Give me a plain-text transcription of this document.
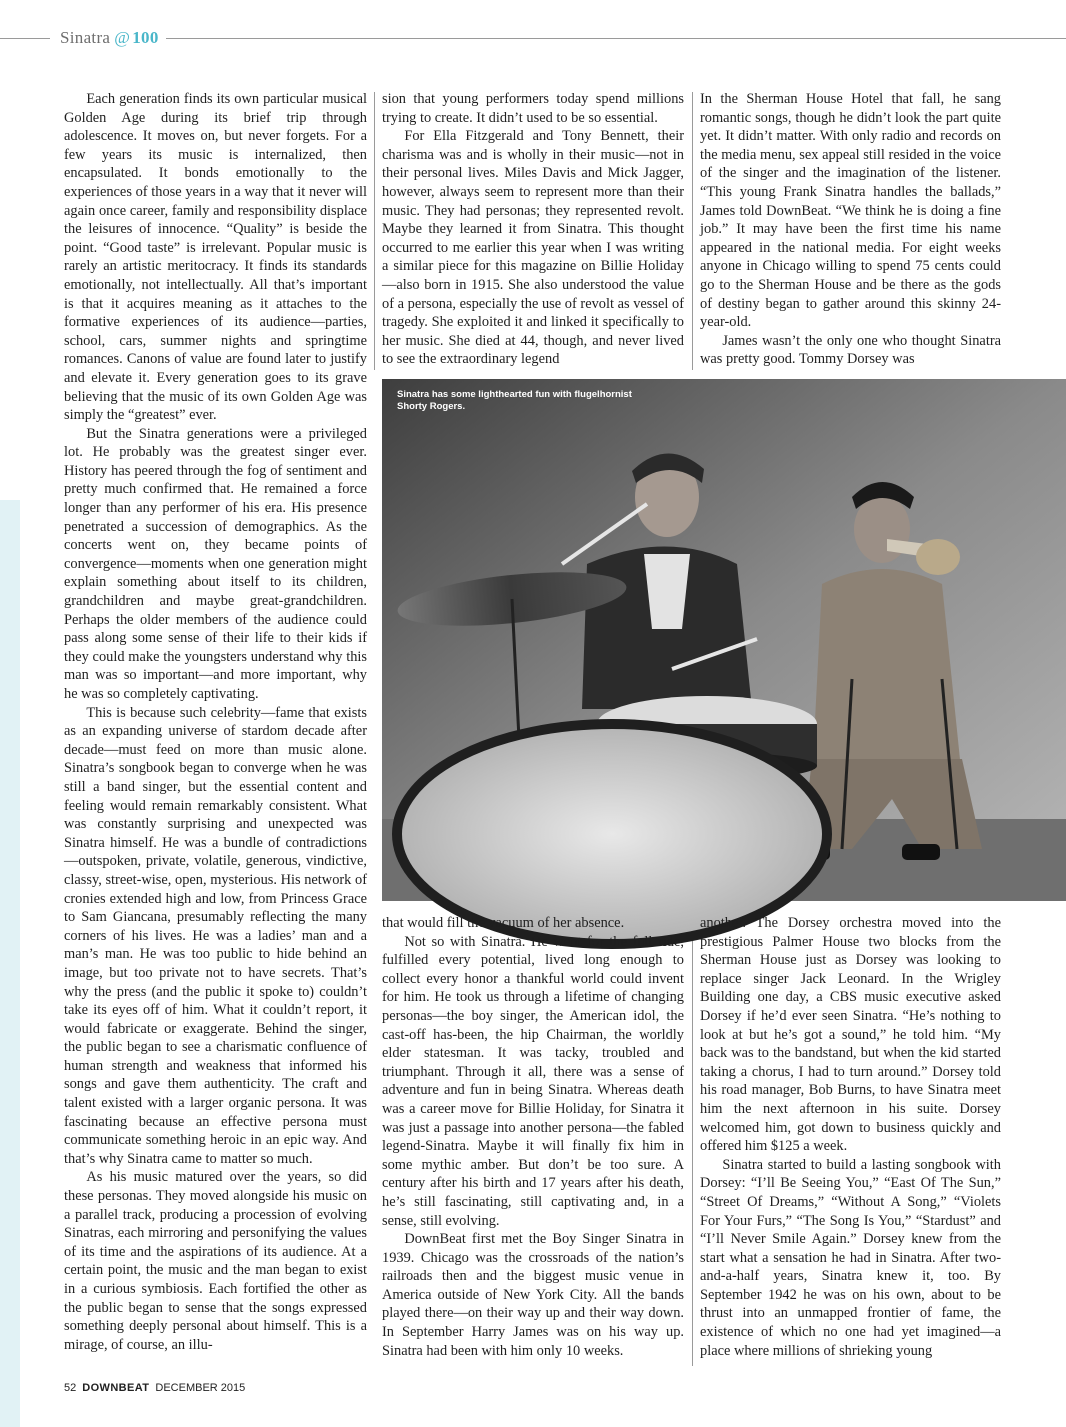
Sinatra @ 100

Each generation finds its own particular musical Golden Age during its brief trip through adolescence. It moves on, but never forgets. For a few years its music is internalized, then encapsulated. It bonds emotionally to the experiences of those years in a way that it never will again once career, family and responsibility displace the leisures of innocence. “Quality” is beside the point. “Good taste” is irrelevant. Popular music is rarely an artistic meritocracy. It finds its standards emotionally, not intellectually. All that’s important is that it acquires meaning as it attaches to the formative experiences of its audience—parties, school, cars, summer nights and springtime romances. Canons of value are found later to justify and elevate it. Every generation goes to its grave believing that the music of its own Golden Age was simply the “greatest” ever.

But the Sinatra generations were a privileged lot. He probably was the greatest singer ever. History has peered through the fog of sentiment and pretty much confirmed that. He remained a force longer than any performer of his era. His presence penetrated a succession of demographics. As the concerts went on, they became points of convergence—moments when one generation might explain something about itself to its children, grandchildren and maybe great-grandchildren. Perhaps the older members of the audience could pass along some sense of their life to their kids if they could make the youngsters understand why this man was so important—and more important, why he was so completely captivating.

This is because such celebrity—fame that exists as an expanding universe of stardom decade after decade—must feed on more than music alone. Sinatra’s songbook began to converge when he was still a band singer, but the essential content and feeling would remain remarkably consistent. What was constantly surprising and unexpected was Sinatra himself. He was a bundle of contradictions—outspoken, private, volatile, generous, vindictive, classy, street-wise, open, mysterious. His network of cronies extended high and low, from Princess Grace to Sam Giancana, presumably reflecting the many corners of his lives. He was a ladies’ man and a man’s man. He was too public to hide behind an image, but too private not to have secrets. That’s why the press (and the public it spoke to) couldn’t take its eyes off of him. What it couldn’t report, it would fabricate or exaggerate. Behind the singer, the public began to see a charismatic confluence of human strength and weakness that informed his songs and gave them authenticity. The craft and talent existed with a larger organic persona. It was fascinating because an effective persona must communicate something heroic in an epic way. And that’s why Sinatra came to matter so much.

As his music matured over the years, so did these personas. They moved alongside his music on a parallel track, producing a procession of evolving Sinatras, each mirroring and personifying the values of its time and the aspirations of its audience. At a certain point, the music and the man began to exist in a curious symbiosis. Each fortified the other as the public began to sense that the songs expressed something deeply personal about himself. This is a mirage, of course, an illu-

sion that young performers today spend millions trying to create. It didn’t used to be so essential.

For Ella Fitzgerald and Tony Bennett, their charisma was and is wholly in their music—not in their personal lives. Miles Davis and Mick Jagger, however, always seem to represent more than their music. They had personas; they represented revolt. Maybe they learned it from Sinatra. This thought occurred to me earlier this year when I was writing a similar piece for this magazine on Billie Holiday—also born in 1915. She also understood the value of a persona, especially the use of revolt as vessel of tragedy. She exploited it and linked it specifically to her music. She died at 44, though, and never lived to see the extraordinary legend

In the Sherman House Hotel that fall, he sang romantic songs, though he didn’t look the part quite yet. It didn’t matter. With only radio and records on the media menu, sex appeal still resided in the voice of the singer and the imagination of the listener. “This young Frank Sinatra handles the ballads,” James told DownBeat. “We think he is doing a fine job.” It may have been the first time his name appeared in the national media. For eight weeks anyone in Chicago willing to spend 75 cents could go to the Sherman House and be there as the gods of destiny began to gather around this skinny 24-year-old.

James wasn’t the only one who thought Sinatra was pretty good. Tommy Dorsey was

Sinatra has some lighthearted fun with flugelhornist Shorty Rogers.
DOWNBEAT ARCHIVES

that would fill the vacuum of her absence.

Not so with Sinatra. He went for the full ride, fulfilled every potential, lived long enough to collect every honor a thankful world could invent for him. He took us through a lifetime of changing personas—the boy singer, the American idol, the cast-off has-been, the hip Chairman, the worldly elder statesman. It was tacky, troubled and triumphant. Through it all, there was a sense of adventure and fun in being Sinatra. Whereas death was a career move for Billie Holiday, for Sinatra it was just a passage into another persona—the fabled legend-Sinatra. Maybe it will finally fix him in some mythic amber. But don’t be too sure. A century after his birth and 17 years after his death, he’s still fascinating, still captivating and, in a sense, still evolving.

DownBeat first met the Boy Singer Sinatra in 1939. Chicago was the crossroads of the nation’s railroads then and the biggest music venue in America outside of New York City. All the bands played there—on their way up and their way down. In September Harry James was on his way up. Sinatra had been with him only 10 weeks.

another. The Dorsey orchestra moved into the prestigious Palmer House two blocks from the Sherman House just as Dorsey was looking to replace singer Jack Leonard. In the Wrigley Building one day, a CBS music executive asked Dorsey if he’d ever seen Sinatra. “He’s nothing to look at but he’s got a sound,” he told him. “My back was to the bandstand, but when the kid started taking a chorus, I had to turn around.” Dorsey told his road manager, Bob Burns, to have Sinatra meet him the next afternoon in his suite. Dorsey welcomed him, got down to business quickly and offered him $125 a week.

Sinatra started to build a lasting songbook with Dorsey: “I’ll Be Seeing You,” “East Of The Sun,” “Street Of Dreams,” “Without A Song,” “Violets For Your Furs,” “The Song Is You,” “Stardust” and “I’ll Never Smile Again.” Dorsey knew from the start what a sensation he had in Sinatra. After two-and-a-half years, Sinatra knew it, too. By September 1942 he was on his own, about to be thrust into an unmapped frontier of fame, the existence of which no one had yet imagined—a place where millions of shrieking young

52 DOWNBEAT DECEMBER 2015
